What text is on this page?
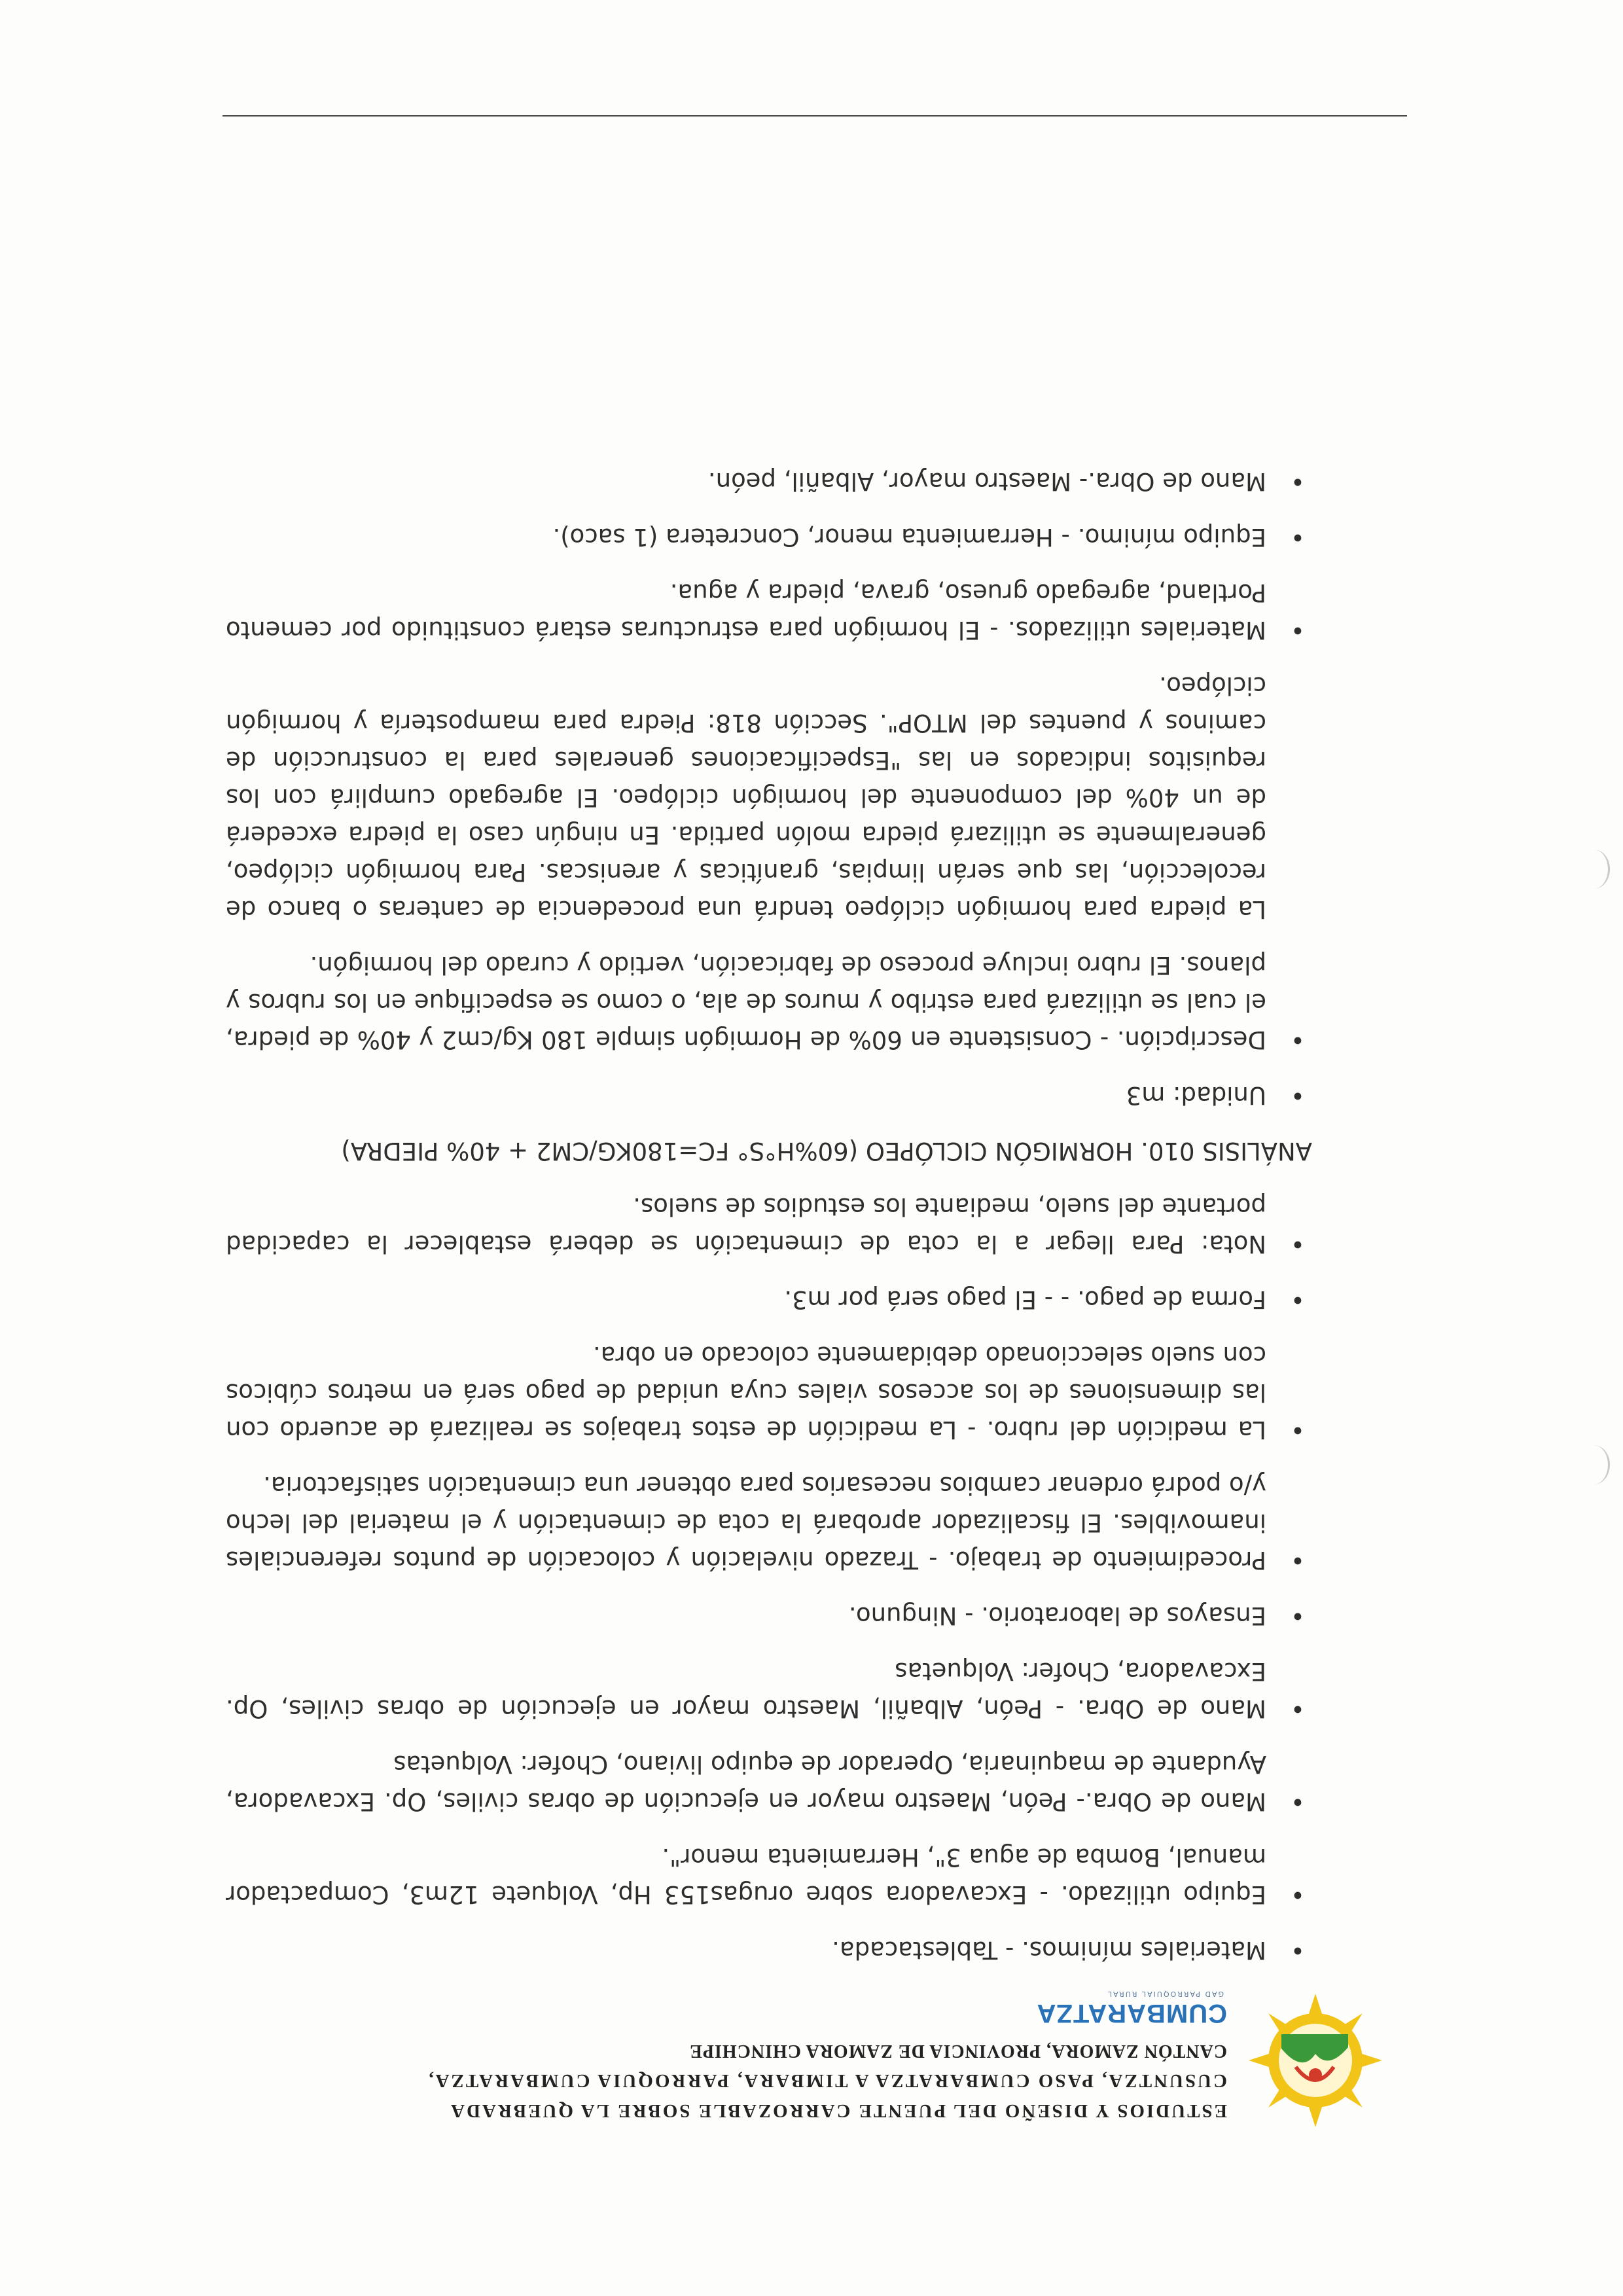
ESTUDIOS Y DISEÑO DEL PUENTE CARROZABLE SOBRE LA QUEBRADA
CUSUNTZA, PASO CUMBARATZA A TIMBARA, PARROQUIA CUMBARATZA,
CANTÓN ZAMORA, PROVINCIA DE ZAMORA CHINCHIPE
CUMBARATZA
GAD PARROQUIAL RURAL
•
Materiales mínimos. - Tablestacada.
•
Equipo utilizado. - Excavadora sobre orugas153 Hp, Volquete 12m3, Compactador manual, Bomba de agua 3", Herramienta menor".
•
Mano de Obra.- Peón, Maestro mayor en ejecución de obras civiles, Op. Excavadora, Ayudante de maquinaria, Operador de equipo liviano, Chofer: Volquetas
•
Mano de Obra. - Peón, Albañil, Maestro mayor en ejecución de obras civiles, Op. Excavadora, Chofer: Volquetas
•
Ensayos de laboratorio. - Ninguno.
•
Procedimiento de trabajo. - Trazado nivelación y colocación de puntos referenciales inamovibles. El fiscalizador aprobará la cota de cimentación y el material del lecho y/o podrá ordenar cambios necesarios para obtener una cimentación satisfactoria.
•
La medición del rubro. - La medición de estos trabajos se realizará de acuerdo con las dimensiones de los accesos viales cuya unidad de pago será en metros cúbicos con suelo seleccionado debidamente colocado en obra.
•
Forma de pago. - - El pago será por m3.
•
Nota: Para llegar a la cota de cimentación se deberá establecer la capacidad portante del suelo, mediante los estudios de suelos.
ANÁLISIS 010. HORMIGÓN CICLÓPEO (60%H°S° FC=180KG/CM2 + 40% PIEDRA)
•
Unidad: m3
•
Descripción. - Consistente en 60% de Hormigón simple 180 Kg/cm2 y 40% de piedra, el cual se utilizará para estribo y muros de ala, o como se especifique en los rubros y planos. El rubro incluye proceso de fabricación, vertido y curado del hormigón.
La piedra para hormigón ciclópeo tendrá una procedencia de canteras o banco de recolección, las que serán limpias, graníticas y areniscas. Para hormigón ciclópeo, generalmente se utilizará piedra molón partida. En ningún caso la piedra excederá de un 40% del componente del hormigón ciclópeo. El agregado cumplirá con los requisitos indicados en las "Especificaciones generales para la construcción de caminos y puentes del MTOP". Sección 818: Piedra para mampostería y hormigón ciclópeo.
•
Materiales utilizados. - El hormigón para estructuras estará constituido por cemento Portland, agregado grueso, grava, piedra y agua.
•
Equipo mínimo. - Herramienta menor, Concretera (1 saco).
•
Mano de Obra.- Maestro mayor, Albañil, peón.
